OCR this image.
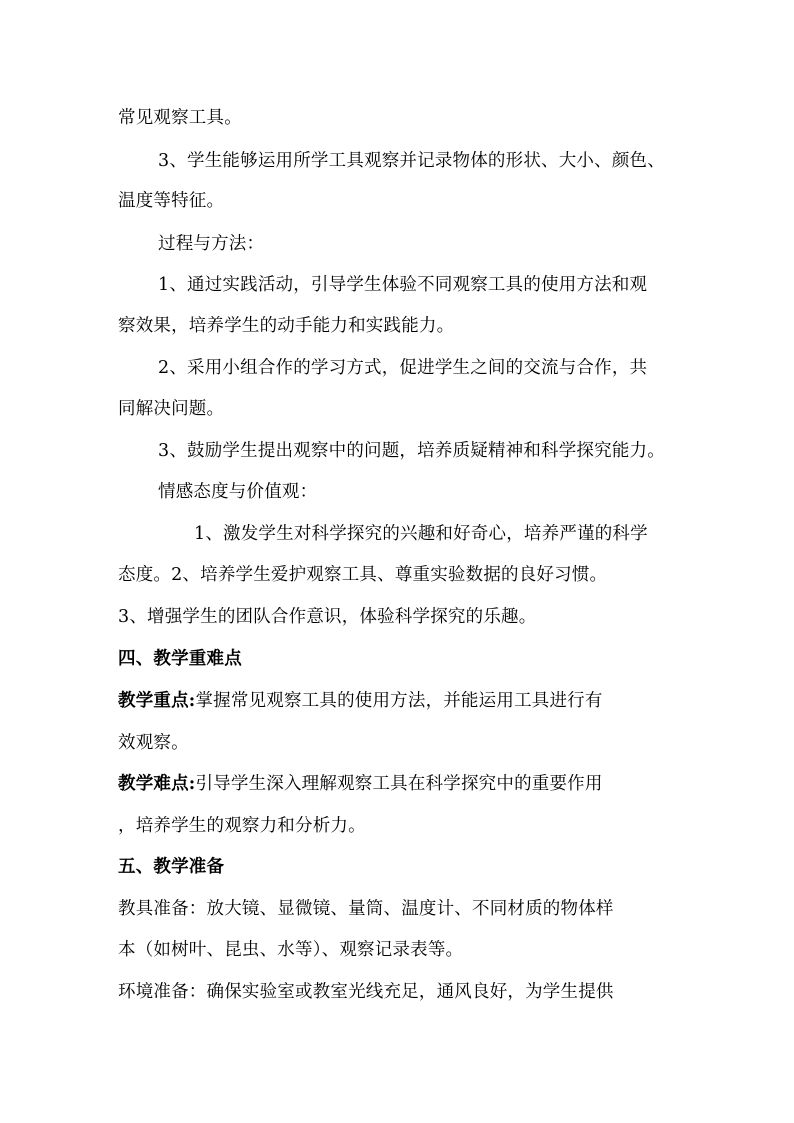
常见观察工具。
3、学生能够运用所学工具观察并记录物体的形状、大小、颜色、
温度等特征。
过程与方法：
1、通过实践活动，引导学生体验不同观察工具的使用方法和观
察效果，培养学生的动手能力和实践能力。
2、采用小组合作的学习方式，促进学生之间的交流与合作，共
同解决问题。
3、鼓励学生提出观察中的问题，培养质疑精神和科学探究能力。
情感态度与价值观：
1、激发学生对科学探究的兴趣和好奇心，培养严谨的科学
态度。2、培养学生爱护观察工具、尊重实验数据的良好习惯。
3、增强学生的团队合作意识，体验科学探究的乐趣。
四、教学重难点
教学重点:掌握常见观察工具的使用方法，并能运用工具进行有
效观察。
教学难点:引导学生深入理解观察工具在科学探究中的重要作用
，培养学生的观察力和分析力。
五、教学准备
教具准备：放大镜、显微镜、量筒、温度计、不同材质的物体样
本（如树叶、昆虫、水等）、观察记录表等。
环境准备：确保实验室或教室光线充足，通风良好，为学生提供
